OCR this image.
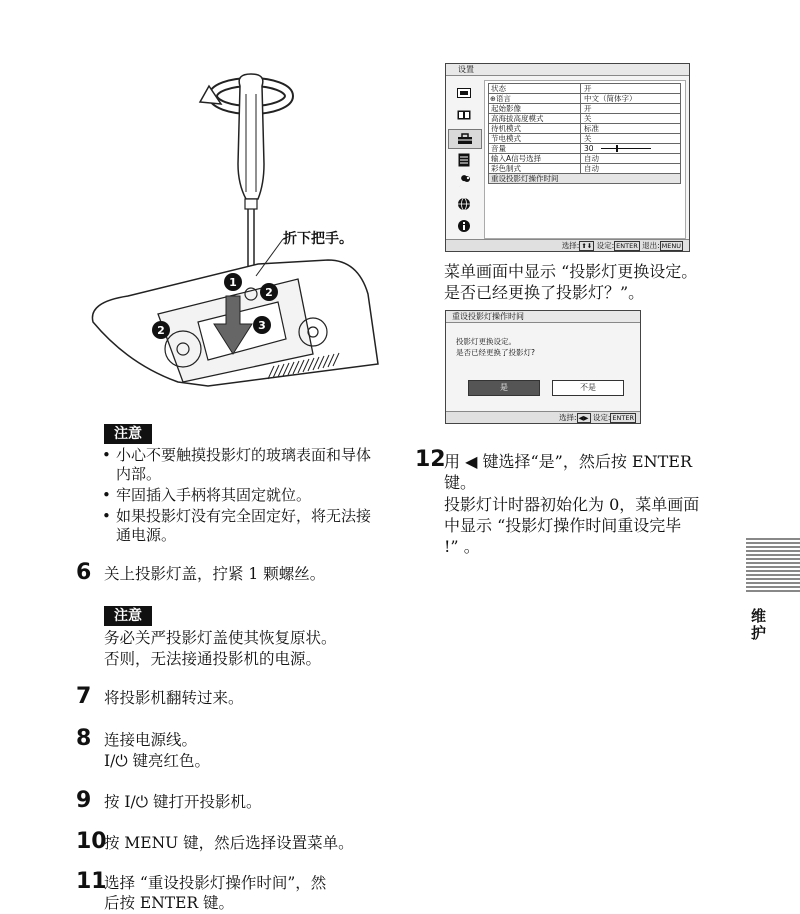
1
2
2	3
折下把手。
注意
• 小心不要触摸投影灯的玻璃表面和导体内部。
• 牢固插入手柄将其固定就位。
• 如果投影灯没有完全固定好，将无法接通电源。
6 关上投影灯盖，拧紧 1 颗螺丝。

注意

务必关严投影灯盖使其恢复原状。

否则，无法接通投影机的电源。

7 将投影机翻转过来。

8 连接电源线。

I/⏻ 键亮红色。

9 按 I/⏻ 键打开投影机。

10

按 MENU 键，然后选择设置菜单。

11

选择 “重设投影灯操作时间”，然

后按 ENTER 键。

设置
状态	开
⊕语言	中文（简体字）
起始影像	开
高海拔高度模式	关
待机模式	标准
节电模式	关
音量	30
输入A信号选择	自动
彩色制式	自动
重设投影灯操作时间
选择: ⬆⬇ 设定: ENTER 退出: MENU

菜单画面中显示 “投影灯更换设定。

是否已经更换了投影灯？”。

重设投影灯操作时间
投影灯更换设定。
是否已经更换了投影灯?
是	不是
选择: ◀▶ 设定: ENTER
12

用 ◀ 键选择“是”，然后按 ENTER

键。

投影灯计时器初始化为 0，菜单画面

中显示 “投影灯操作时间重设完毕

!” 。

维护
